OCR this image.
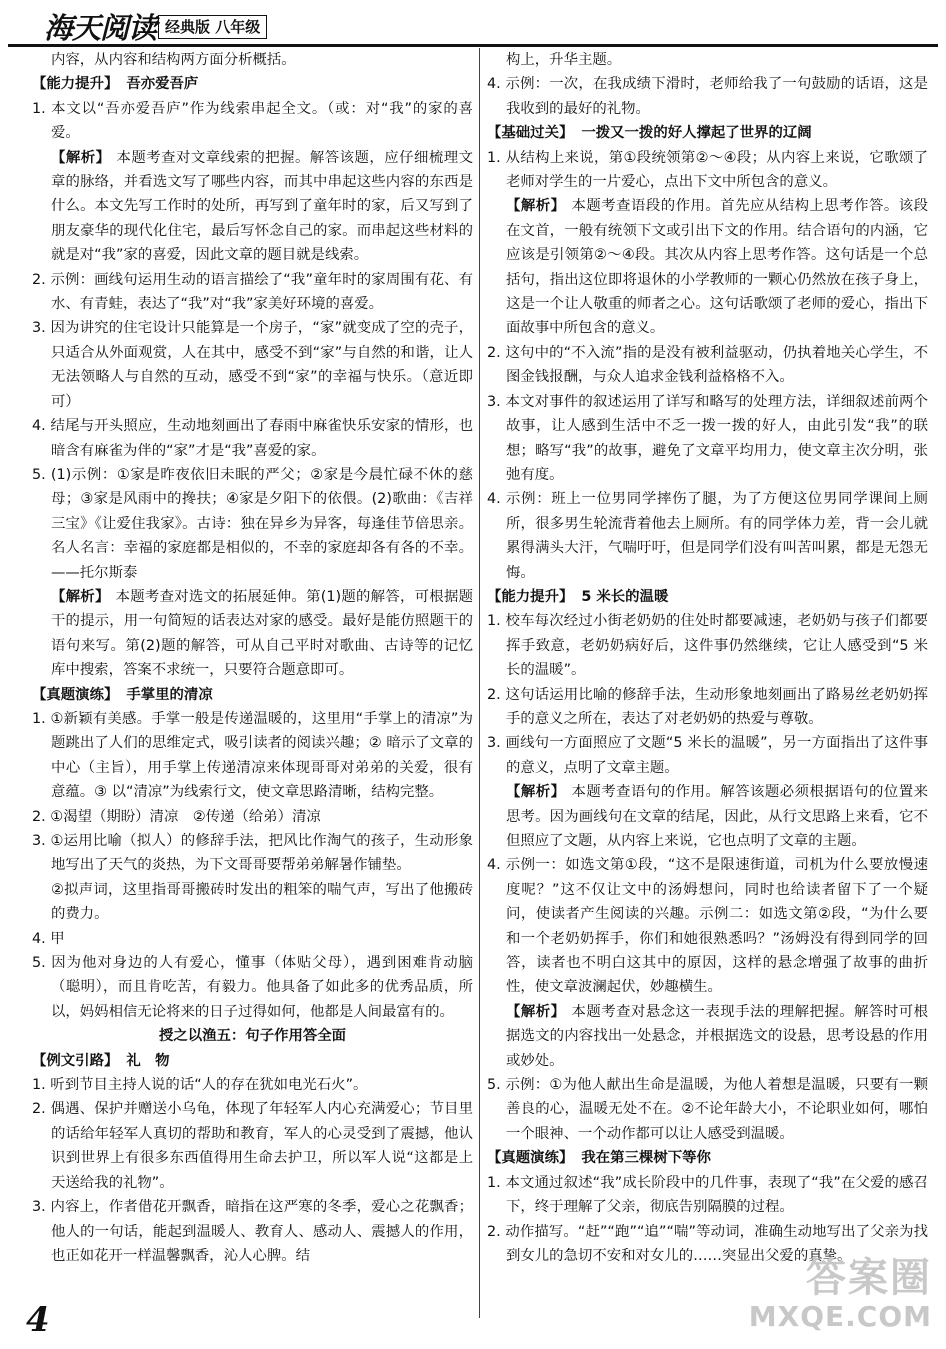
海天阅读 经典版 八年级
内容，从内容和结构两方面分析概括。
【能力提升】 吾亦爱吾庐
1. 本文以“吾亦爱吾庐”作为线索串起全文。（或：对“我”的家的喜爱。
【解析】 本题考查对文章线索的把握。解答该题，应仔细梳理文章的脉络，并看选文写了哪些内容，而其中串起这些内容的东西是什么。本文先写工作时的处所，再写到了童年时的家，后又写到了朋友豪华的现代化住宅，最后写怀念自己的家。而串起这些材料的就是对“我”家的喜爱，因此文章的题目就是线索。
2. 示例：画线句运用生动的语言描绘了“我”童年时的家周围有花、有水、有青蛙，表达了“我”对“我”家美好环境的喜爱。
3. 因为讲究的住宅设计只能算是一个房子，“家”就变成了空的壳子，只适合从外面观赏，人在其中，感受不到“家”与自然的和谐，让人无法领略人与自然的互动，感受不到“家”的幸福与快乐。（意近即可）
4. 结尾与开头照应，生动地刻画出了春雨中麻雀快乐安家的情形，也暗含有麻雀为伴的“家”才是“我”喜爱的家。
5. (1)示例：①家是昨夜依旧未眠的严父；②家是今晨忙碌不休的慈母；③家是风雨中的搀扶；④家是夕阳下的依偎。(2)歌曲：《吉祥三宝》《让爱住我家》。古诗：独在异乡为异客，每逢佳节倍思亲。名人名言：幸福的家庭都是相似的，不幸的家庭却各有各的不幸。——托尔斯泰
【解析】 本题考查对选文的拓展延伸。第(1)题的解答，可根据题干的提示，用一句简短的话表达对家的感受。最好是能仿照题干的语句来写。第(2)题的解答，可从自己平时对歌曲、古诗等的记忆库中搜索，答案不求统一，只要符合题意即可。
【真题演练】 手掌里的清凉
1. ①新颖有美感。手掌一般是传递温暖的，这里用“手掌上的清凉”为题跳出了人们的思维定式，吸引读者的阅读兴趣；② 暗示了文章的中心（主旨），用手掌上传递清凉来体现哥哥对弟弟的关爱，很有意蕴。③ 以“清凉”为线索行文，使文章思路清晰，结构完整。
2. ①渴望（期盼）清凉　②传递（给弟）清凉
3. ①运用比喻（拟人）的修辞手法，把风比作淘气的孩子，生动形象地写出了天气的炎热，为下文哥哥要帮弟弟解暑作铺垫。
②拟声词，这里指哥哥搬砖时发出的粗笨的喘气声，写出了他搬砖的费力。
4. 甲
5. 因为他对身边的人有爱心，懂事（体贴父母），遇到困难肯动脑（聪明），而且肯吃苦，有毅力。他具备了如此多的优秀品质，所以，妈妈相信无论将来的日子过得如何，他都是人间最富有的。
授之以渔五：句子作用答全面
【例文引路】 礼　物
1. 听到节目主持人说的话“人的存在犹如电光石火”。
2. 偶遇、保护并赠送小乌龟，体现了年轻军人内心充满爱心；节目里的话给年轻军人真切的帮助和教育，军人的心灵受到了震撼，他认识到世界上有很多东西值得用生命去护卫，所以军人说“这都是上天送给我的礼物”。
3. 内容上，作者借花开飘香，暗指在这严寒的冬季，爱心之花飘香；他人的一句话，能起到温暖人、教育人、感动人、震撼人的作用，也正如花开一样温馨飘香，沁人心脾。结
构上，升华主题。
4. 示例：一次，在我成绩下滑时，老师给我了一句鼓励的话语，这是我收到的最好的礼物。
【基础过关】 一拨又一拨的好人撑起了世界的辽阔
1. 从结构上来说，第①段统领第②～④段；从内容上来说，它歌颂了老师对学生的一片爱心，点出下文中所包含的意义。
【解析】 本题考查语段的作用。首先应从结构上思考作答。该段在文首，一般有统领下文或引出下文的作用。结合语句的内涵，它应该是引领第②～④段。其次从内容上思考作答。这句话是一个总括句，指出这位即将退休的小学教师的一颗心仍然放在孩子身上，这是一个让人敬重的师者之心。这句话歌颂了老师的爱心，指出下面故事中所包含的意义。
2. 这句中的“不入流”指的是没有被利益驱动，仍执着地关心学生，不图金钱报酬，与众人追求金钱利益格格不入。
3. 本文对事件的叙述运用了详写和略写的处理方法，详细叙述前两个故事，让人感到生活中不乏一拨一拨的好人，由此引发“我”的联想；略写“我”的故事，避免了文章平均用力，使文章主次分明，张弛有度。
4. 示例：班上一位男同学摔伤了腿，为了方便这位男同学课间上厕所，很多男生轮流背着他去上厕所。有的同学体力差，背一会儿就累得满头大汗，气喘吁吁，但是同学们没有叫苦叫累，都是无怨无悔。
【能力提升】 5 米长的温暖
1. 校车每次经过小街老奶奶的住处时都要减速，老奶奶与孩子们都要挥手致意，老奶奶病好后，这件事仍然继续，它让人感受到“5 米长的温暖”。
2. 这句话运用比喻的修辞手法，生动形象地刻画出了路易丝老奶奶挥手的意义之所在，表达了对老奶奶的热爱与尊敬。
3. 画线句一方面照应了文题“5 米长的温暖”，另一方面指出了这件事的意义，点明了文章主题。
【解析】 本题考查语句的作用。解答该题必须根据语句的位置来思考。因为画线句在文章的结尾，因此，从行文思路上来看，它不但照应了文题，从内容上来说，它也点明了文章的主题。
4. 示例一：如选文第①段，“这不是限速街道，司机为什么要放慢速度呢？”这不仅让文中的汤姆想问，同时也给读者留下了一个疑问，使读者产生阅读的兴趣。示例二：如选文第②段，“为什么要和一个老奶奶挥手，你们和她很熟悉吗？”汤姆没有得到同学的回答，读者也不明白这其中的原因，这样的悬念增强了故事的曲折性，使文章波澜起伏，妙趣横生。
【解析】 本题考查对悬念这一表现手法的理解把握。解答时可根据选文的内容找出一处悬念，并根据选文的设悬，思考设悬的作用或妙处。
5. 示例：①为他人献出生命是温暖，为他人着想是温暖，只要有一颗善良的心，温暖无处不在。②不论年龄大小，不论职业如何，哪怕一个眼神、一个动作都可以让人感受到温暖。
【真题演练】 我在第三棵树下等你
1. 本文通过叙述“我”成长阶段中的几件事，表现了“我”在父爱的感召下，终于理解了父亲，彻底告别隔膜的过程。
2. 动作描写。“赶”“跑”“追”“喘”等动词，准确生动地写出了父亲为找到女儿的急切不安和对女儿的……突显出父爱的真挚。
4
答案圈
MXQE.COM
